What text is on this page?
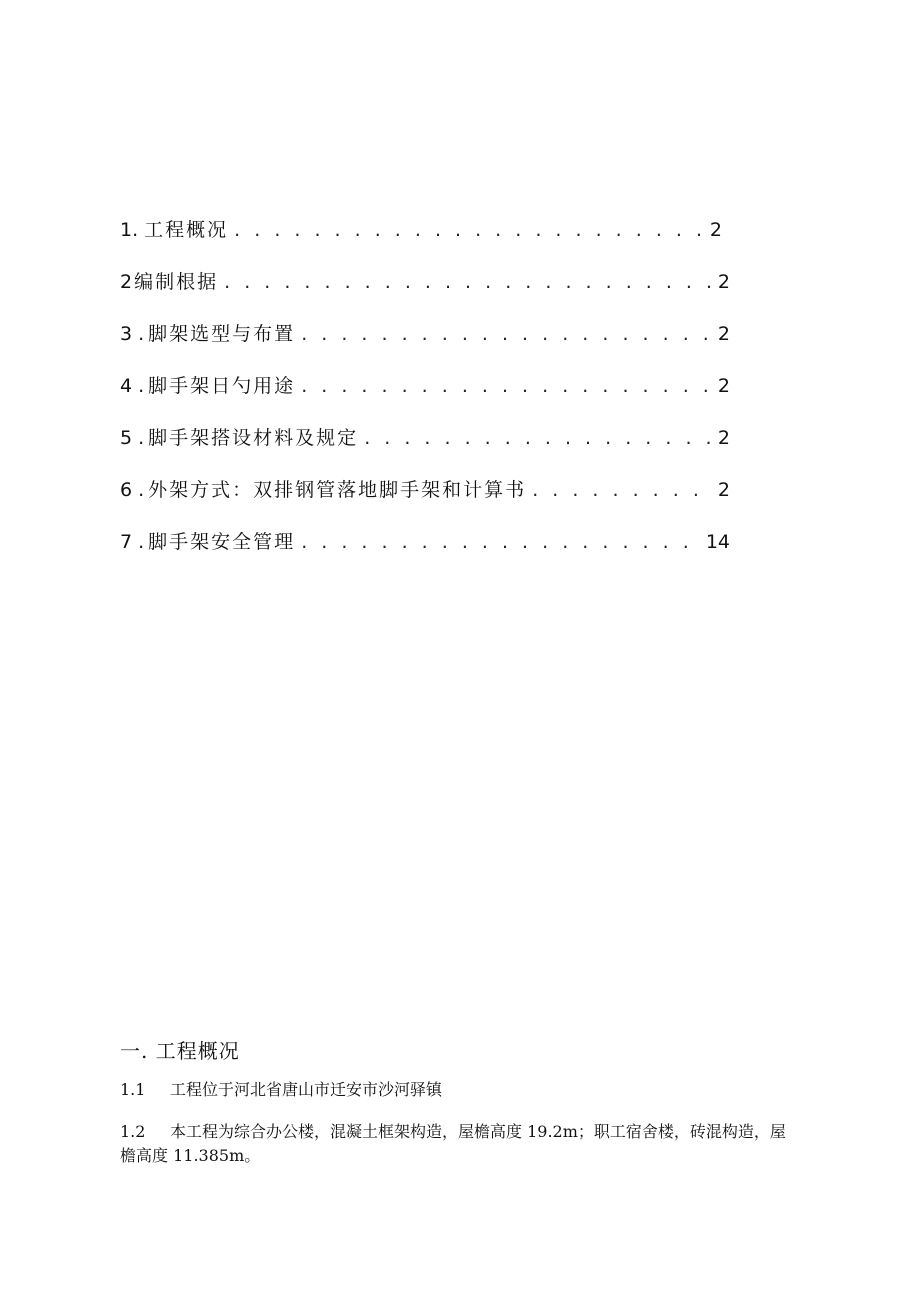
1. 工程概况 . . .	2
2 编制根据 . . .	2
3 . 脚架选型与布置 . . .	2
4 . 脚手架日勺用途 . . .	2
5 . 脚手架搭设材料及规定 . . .	2
6 . 外架方式：双排钢管落地脚手架和计算书 . . .	2
7 . 脚手架安全管理 . . .	14
一. 工程概况

1.1 工程位于河北省唐山市迁安市沙河驿镇

1.2 本工程为综合办公楼，混凝土框架构造，屋檐高度 19.2m；职工宿舍楼，砖混构造，屋檐高度 11.385m。
